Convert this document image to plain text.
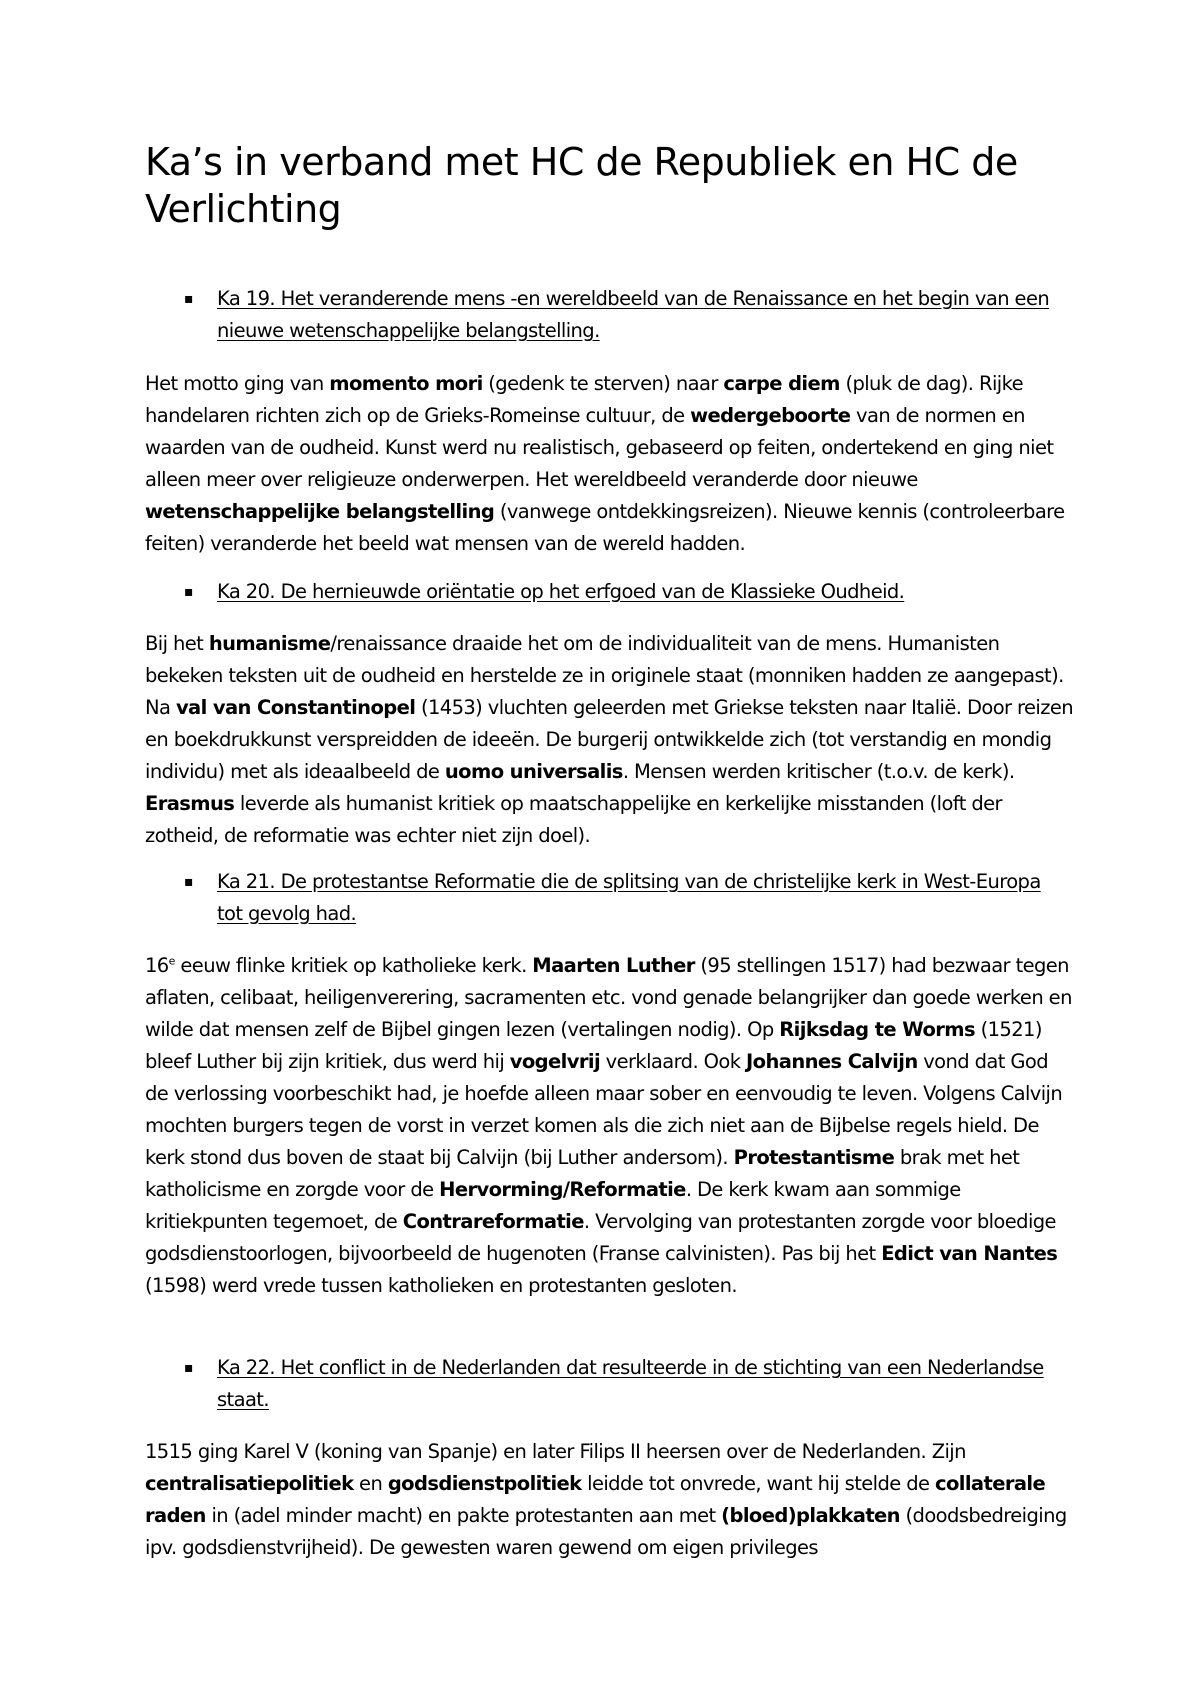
Ka’s in verband met HC de Republiek en HC de Verlichting
▪ Ka 19. Het veranderende mens -en wereldbeeld van de Renaissance en het begin van een nieuwe wetenschappelijke belangstelling.

Het motto ging van momento mori (gedenk te sterven) naar carpe diem (pluk de dag). Rijke handelaren richten zich op de Grieks-Romeinse cultuur, de wedergeboorte van de normen en waarden van de oudheid. Kunst werd nu realistisch, gebaseerd op feiten, ondertekend en ging niet alleen meer over religieuze onderwerpen. Het wereldbeeld veranderde door nieuwe wetenschappelijke belangstelling (vanwege ontdekkingsreizen). Nieuwe kennis (controleerbare feiten) veranderde het beeld wat mensen van de wereld hadden.

▪ Ka 20. De hernieuwde oriëntatie op het erfgoed van de Klassieke Oudheid.

Bij het humanisme/renaissance draaide het om de individualiteit van de mens. Humanisten bekeken teksten uit de oudheid en herstelde ze in originele staat (monniken hadden ze aangepast). Na val van Constantinopel (1453) vluchten geleerden met Griekse teksten naar Italië. Door reizen en boekdrukkunst verspreidden de ideeën. De burgerij ontwikkelde zich (tot verstandig en mondig individu) met als ideaalbeeld de uomo universalis. Mensen werden kritischer (t.o.v. de kerk). Erasmus leverde als humanist kritiek op maatschappelijke en kerkelijke misstanden (loft der zotheid, de reformatie was echter niet zijn doel).

▪ Ka 21. De protestantse Reformatie die de splitsing van de christelijke kerk in West-Europa tot gevolg had.

16e eeuw flinke kritiek op katholieke kerk. Maarten Luther (95 stellingen 1517) had bezwaar tegen aflaten, celibaat, heiligenverering, sacramenten etc. vond genade belangrijker dan goede werken en wilde dat mensen zelf de Bijbel gingen lezen (vertalingen nodig). Op Rijksdag te Worms (1521) bleef Luther bij zijn kritiek, dus werd hij vogelvrij verklaard. Ook Johannes Calvijn vond dat God de verlossing voorbeschikt had, je hoefde alleen maar sober en eenvoudig te leven. Volgens Calvijn mochten burgers tegen de vorst in verzet komen als die zich niet aan de Bijbelse regels hield. De kerk stond dus boven de staat bij Calvijn (bij Luther andersom). Protestantisme brak met het katholicisme en zorgde voor de Hervorming/Reformatie. De kerk kwam aan sommige kritiekpunten tegemoet, de Contrareformatie. Vervolging van protestanten zorgde voor bloedige godsdienstoorlogen, bijvoorbeeld de hugenoten (Franse calvinisten). Pas bij het Edict van Nantes (1598) werd vrede tussen katholieken en protestanten gesloten.

▪ Ka 22. Het conflict in de Nederlanden dat resulteerde in de stichting van een Nederlandse staat.

1515 ging Karel V (koning van Spanje) en later Filips II heersen over de Nederlanden. Zijn centralisatiepolitiek en godsdienstpolitiek leidde tot onvrede, want hij stelde de collaterale raden in (adel minder macht) en pakte protestanten aan met (bloed)plakkaten (doodsbedreiging ipv. godsdienstvrijheid). De gewesten waren gewend om eigen privileges
